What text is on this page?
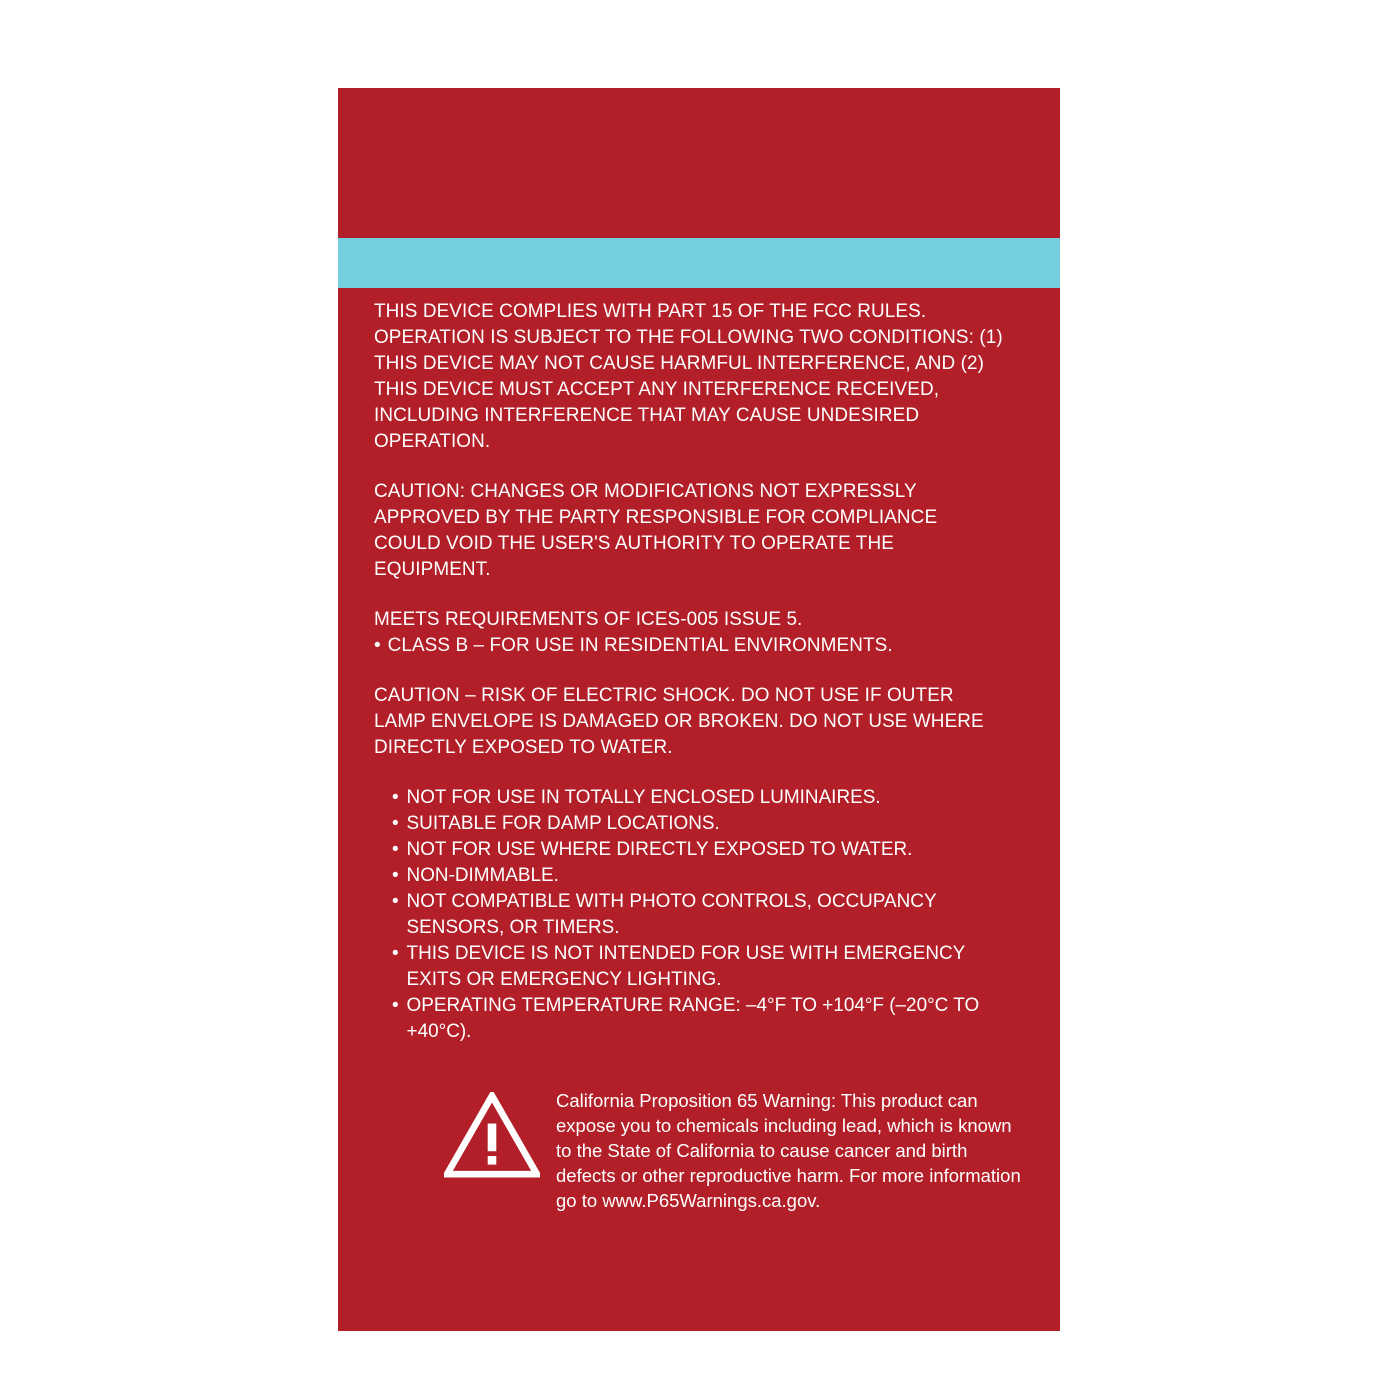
THIS DEVICE COMPLIES WITH PART 15 OF THE FCC RULES. OPERATION IS SUBJECT TO THE FOLLOWING TWO CONDITIONS: (1) THIS DEVICE MAY NOT CAUSE HARMFUL INTERFERENCE, AND (2) THIS DEVICE MUST ACCEPT ANY INTERFERENCE RECEIVED, INCLUDING INTERFERENCE THAT MAY CAUSE UNDESIRED OPERATION.

CAUTION: CHANGES OR MODIFICATIONS NOT EXPRESSLY APPROVED BY THE PARTY RESPONSIBLE FOR COMPLIANCE COULD VOID THE USER'S AUTHORITY TO OPERATE THE EQUIPMENT.

MEETS REQUIREMENTS OF ICES-005 ISSUE 5.

• CLASS B – FOR USE IN RESIDENTIAL ENVIRONMENTS.

CAUTION – RISK OF ELECTRIC SHOCK. DO NOT USE IF OUTER LAMP ENVELOPE IS DAMAGED OR BROKEN. DO NOT USE WHERE DIRECTLY EXPOSED TO WATER.

• NOT FOR USE IN TOTALLY ENCLOSED LUMINAIRES.
• SUITABLE FOR DAMP LOCATIONS.
• NOT FOR USE WHERE DIRECTLY EXPOSED TO WATER.
• NON-DIMMABLE.
• NOT COMPATIBLE WITH PHOTO CONTROLS, OCCUPANCY SENSORS, OR TIMERS.
• THIS DEVICE IS NOT INTENDED FOR USE WITH EMERGENCY EXITS OR EMERGENCY LIGHTING.
• OPERATING TEMPERATURE RANGE: –4°F TO +104°F (–20°C TO +40°C).
California Proposition 65 Warning: This product can expose you to chemicals including lead, which is known to the State of California to cause cancer and birth defects or other reproductive harm. For more information go to www.P65Warnings.ca.gov.
